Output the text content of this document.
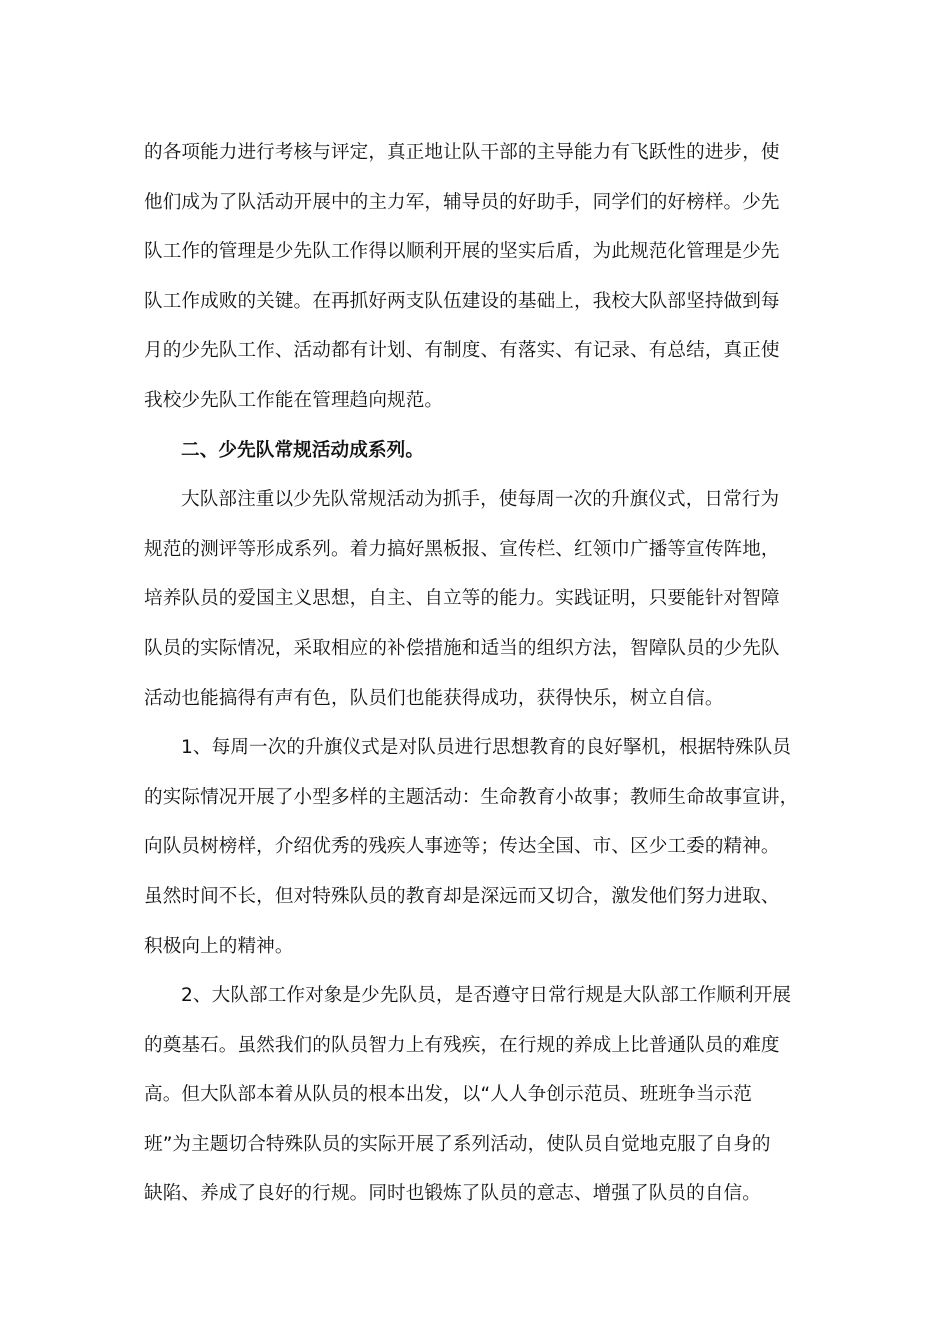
的各项能力进行考核与评定，真正地让队干部的主导能力有飞跃性的进步，使
他们成为了队活动开展中的主力军，辅导员的好助手，同学们的好榜样。少先
队工作的管理是少先队工作得以顺利开展的坚实后盾，为此规范化管理是少先
队工作成败的关键。在再抓好两支队伍建设的基础上，我校大队部坚持做到每
月的少先队工作、活动都有计划、有制度、有落实、有记录、有总结，真正使
我校少先队工作能在管理趋向规范。
二、少先队常规活动成系列。
大队部注重以少先队常规活动为抓手，使每周一次的升旗仪式，日常行为
规范的测评等形成系列。着力搞好黑板报、宣传栏、红领巾广播等宣传阵地，
培养队员的爱国主义思想，自主、自立等的能力。实践证明，只要能针对智障
队员的实际情况，采取相应的补偿措施和适当的组织方法，智障队员的少先队
活动也能搞得有声有色，队员们也能获得成功，获得快乐，树立自信。
1、每周一次的升旗仪式是对队员进行思想教育的良好掔机，根据特殊队员
的实际情况开展了小型多样的主题活动：生命教育小故事；教师生命故事宣讲，
向队员树榜样，介绍优秀的残疾人事迹等；传达全国、市、区少工委的精神。
虽然时间不长，但对特殊队员的教育却是深远而又切合，激发他们努力进取、
积极向上的精神。
2、大队部工作对象是少先队员，是否遵守日常行规是大队部工作顺利开展
的奠基石。虽然我们的队员智力上有残疾，在行规的养成上比普通队员的难度
高。但大队部本着从队员的根本出发，以“人人争创示范员、班班争当示范
班”为主题切合特殊队员的实际开展了系列活动，使队员自觉地克服了自身的
缺陷、养成了良好的行规。同时也锻炼了队员的意志、增强了队员的自信。
